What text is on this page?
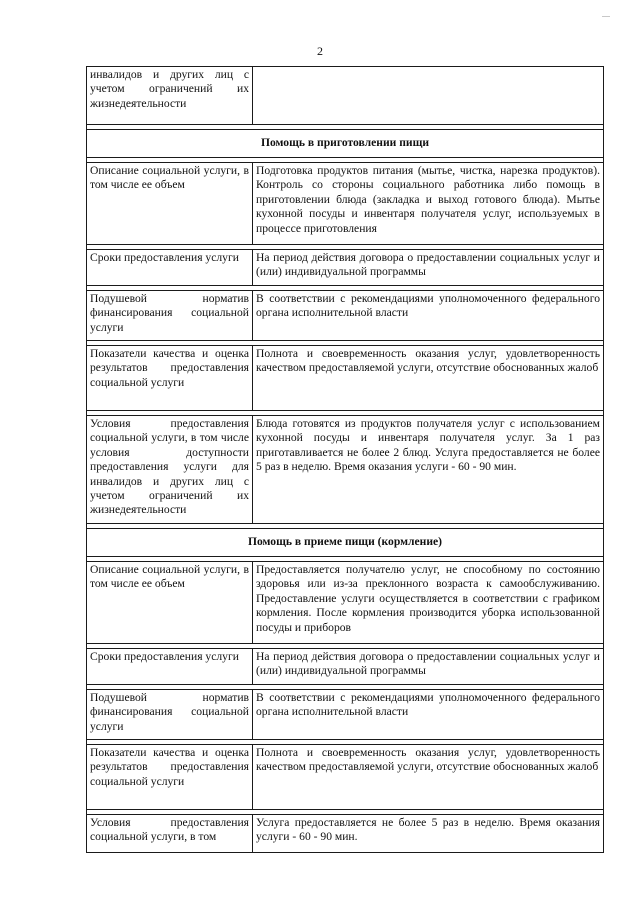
2
инвалидов и других лиц с учетом ограничений их жизнедеятельности	

Помощь в приготовлении пищи	

Описание социальной услуги, в том числе ее объем	Подготовка продуктов питания (мытье, чистка, нарезка продуктов). Контроль со стороны социального работника либо помощь в приготовлении блюда (закладка и выход готового блюда). Мытье кухонной посуды и инвентаря получателя услуг, используемых в процессе приготовления

Сроки предоставления услуги	На период действия договора о предоставлении социальных услуг и (или) индивидуальной программы

Подушевой норматив финансирования социальной услуги	В соответствии с рекомендациями уполномоченного федерального органа исполнительной власти

Показатели качества и оценка результатов предоставления социальной услуги	Полнота и своевременность оказания услуг, удовлетворенность качеством предоставляемой услуги, отсутствие обоснованных жалоб

Условия предоставления социальной услуги, в том числе условия доступности предоставления услуги для инвалидов и других лиц с учетом ограничений их жизнедеятельности	Блюда готовятся из продуктов получателя услуг с использованием кухонной посуды и инвентаря получателя услуг. За 1 раз приготавливается не более 2 блюд. Услуга предоставляется не более 5 раз в неделю. Время оказания услуги - 60 - 90 мин.

Помощь в приеме пищи (кормление)	

Описание социальной услуги, в том числе ее объем	Предоставляется получателю услуг, не способному по состоянию здоровья или из-за преклонного возраста к самообслуживанию. Предоставление услуги осуществляется в соответствии с графиком кормления. После кормления производится уборка использованной посуды и приборов

Сроки предоставления услуги	На период действия договора о предоставлении социальных услуг и (или) индивидуальной программы

Подушевой норматив финансирования социальной услуги	В соответствии с рекомендациями уполномоченного федерального органа исполнительной власти

Показатели качества и оценка результатов предоставления социальной услуги	Полнота и своевременность оказания услуг, удовлетворенность качеством предоставляемой услуги, отсутствие обоснованных жалоб

Условия предоставления социальной услуги, в том	Услуга предоставляется не более 5 раз в неделю. Время оказания услуги - 60 - 90 мин.
